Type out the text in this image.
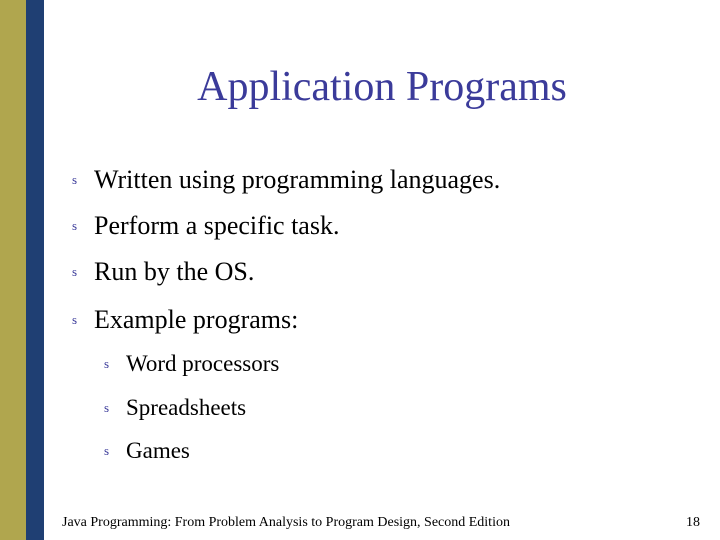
Application Programs
s Written using programming languages.
s Perform a specific task.
s Run by the OS.
s Example programs:
s Word processors
s Spreadsheets
s Games
Java Programming: From Problem Analysis to Program Design, Second Edition	18
